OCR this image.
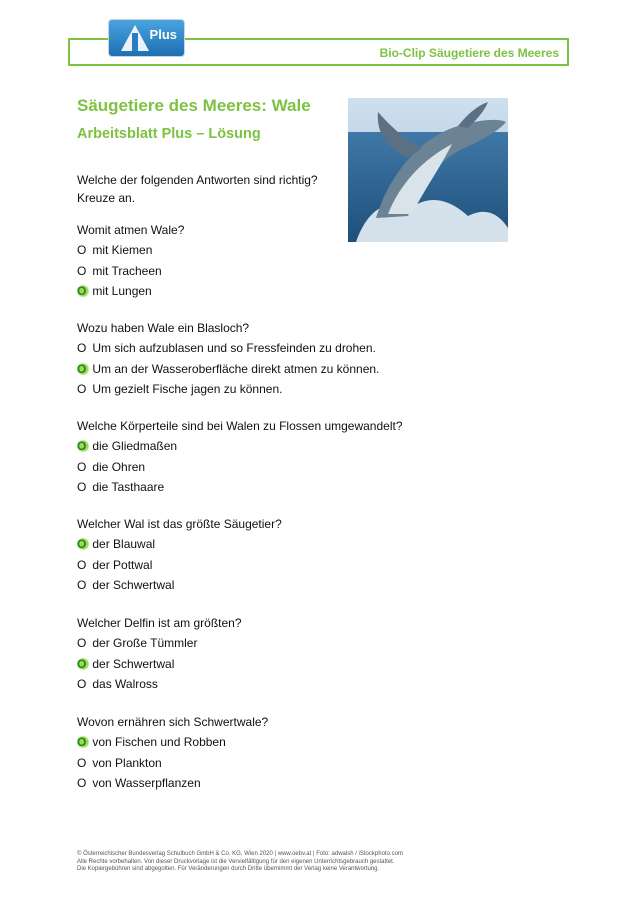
Bio-Clip Säugetiere des Meeres
Plus
Säugetiere des Meeres: Wale
Arbeitsblatt Plus – Lösung
Welche der folgenden Antworten sind richtig?
Kreuze an.
Womit atmen Wale?
O mit Kiemen
O mit Tracheen
O mit Lungen
Wozu haben Wale ein Blasloch?
O Um sich aufzublasen und so Fressfeinden zu drohen.
O Um an der Wasseroberfläche direkt atmen zu können.
O Um gezielt Fische jagen zu können.
Welche Körperteile sind bei Walen zu Flossen umgewandelt?
O die Gliedmaßen
O die Ohren
O die Tasthaare
Welcher Wal ist das größte Säugetier?
O der Blauwal
O der Pottwal
O der Schwertwal
Welcher Delfin ist am größten?
O der Große Tümmler
O der Schwertwal
O das Walross
Wovon ernähren sich Schwertwale?
O von Fischen und Robben
O von Plankton
O von Wasserpflanzen
© Österreichischer Bundesverlag Schulbuch GmbH & Co. KG, Wien 2020 | www.oebv.at | Foto: adwalsh / iStockphoto.com
Alle Rechte vorbehalten. Von dieser Druckvorlage ist die Vervielfältigung für den eigenen Unterrichtsgebrauch gestattet.
Die Kopiergebühren sind abgegolten. Für Veränderungen durch Dritte übernimmt der Verlag keine Verantwortung.
